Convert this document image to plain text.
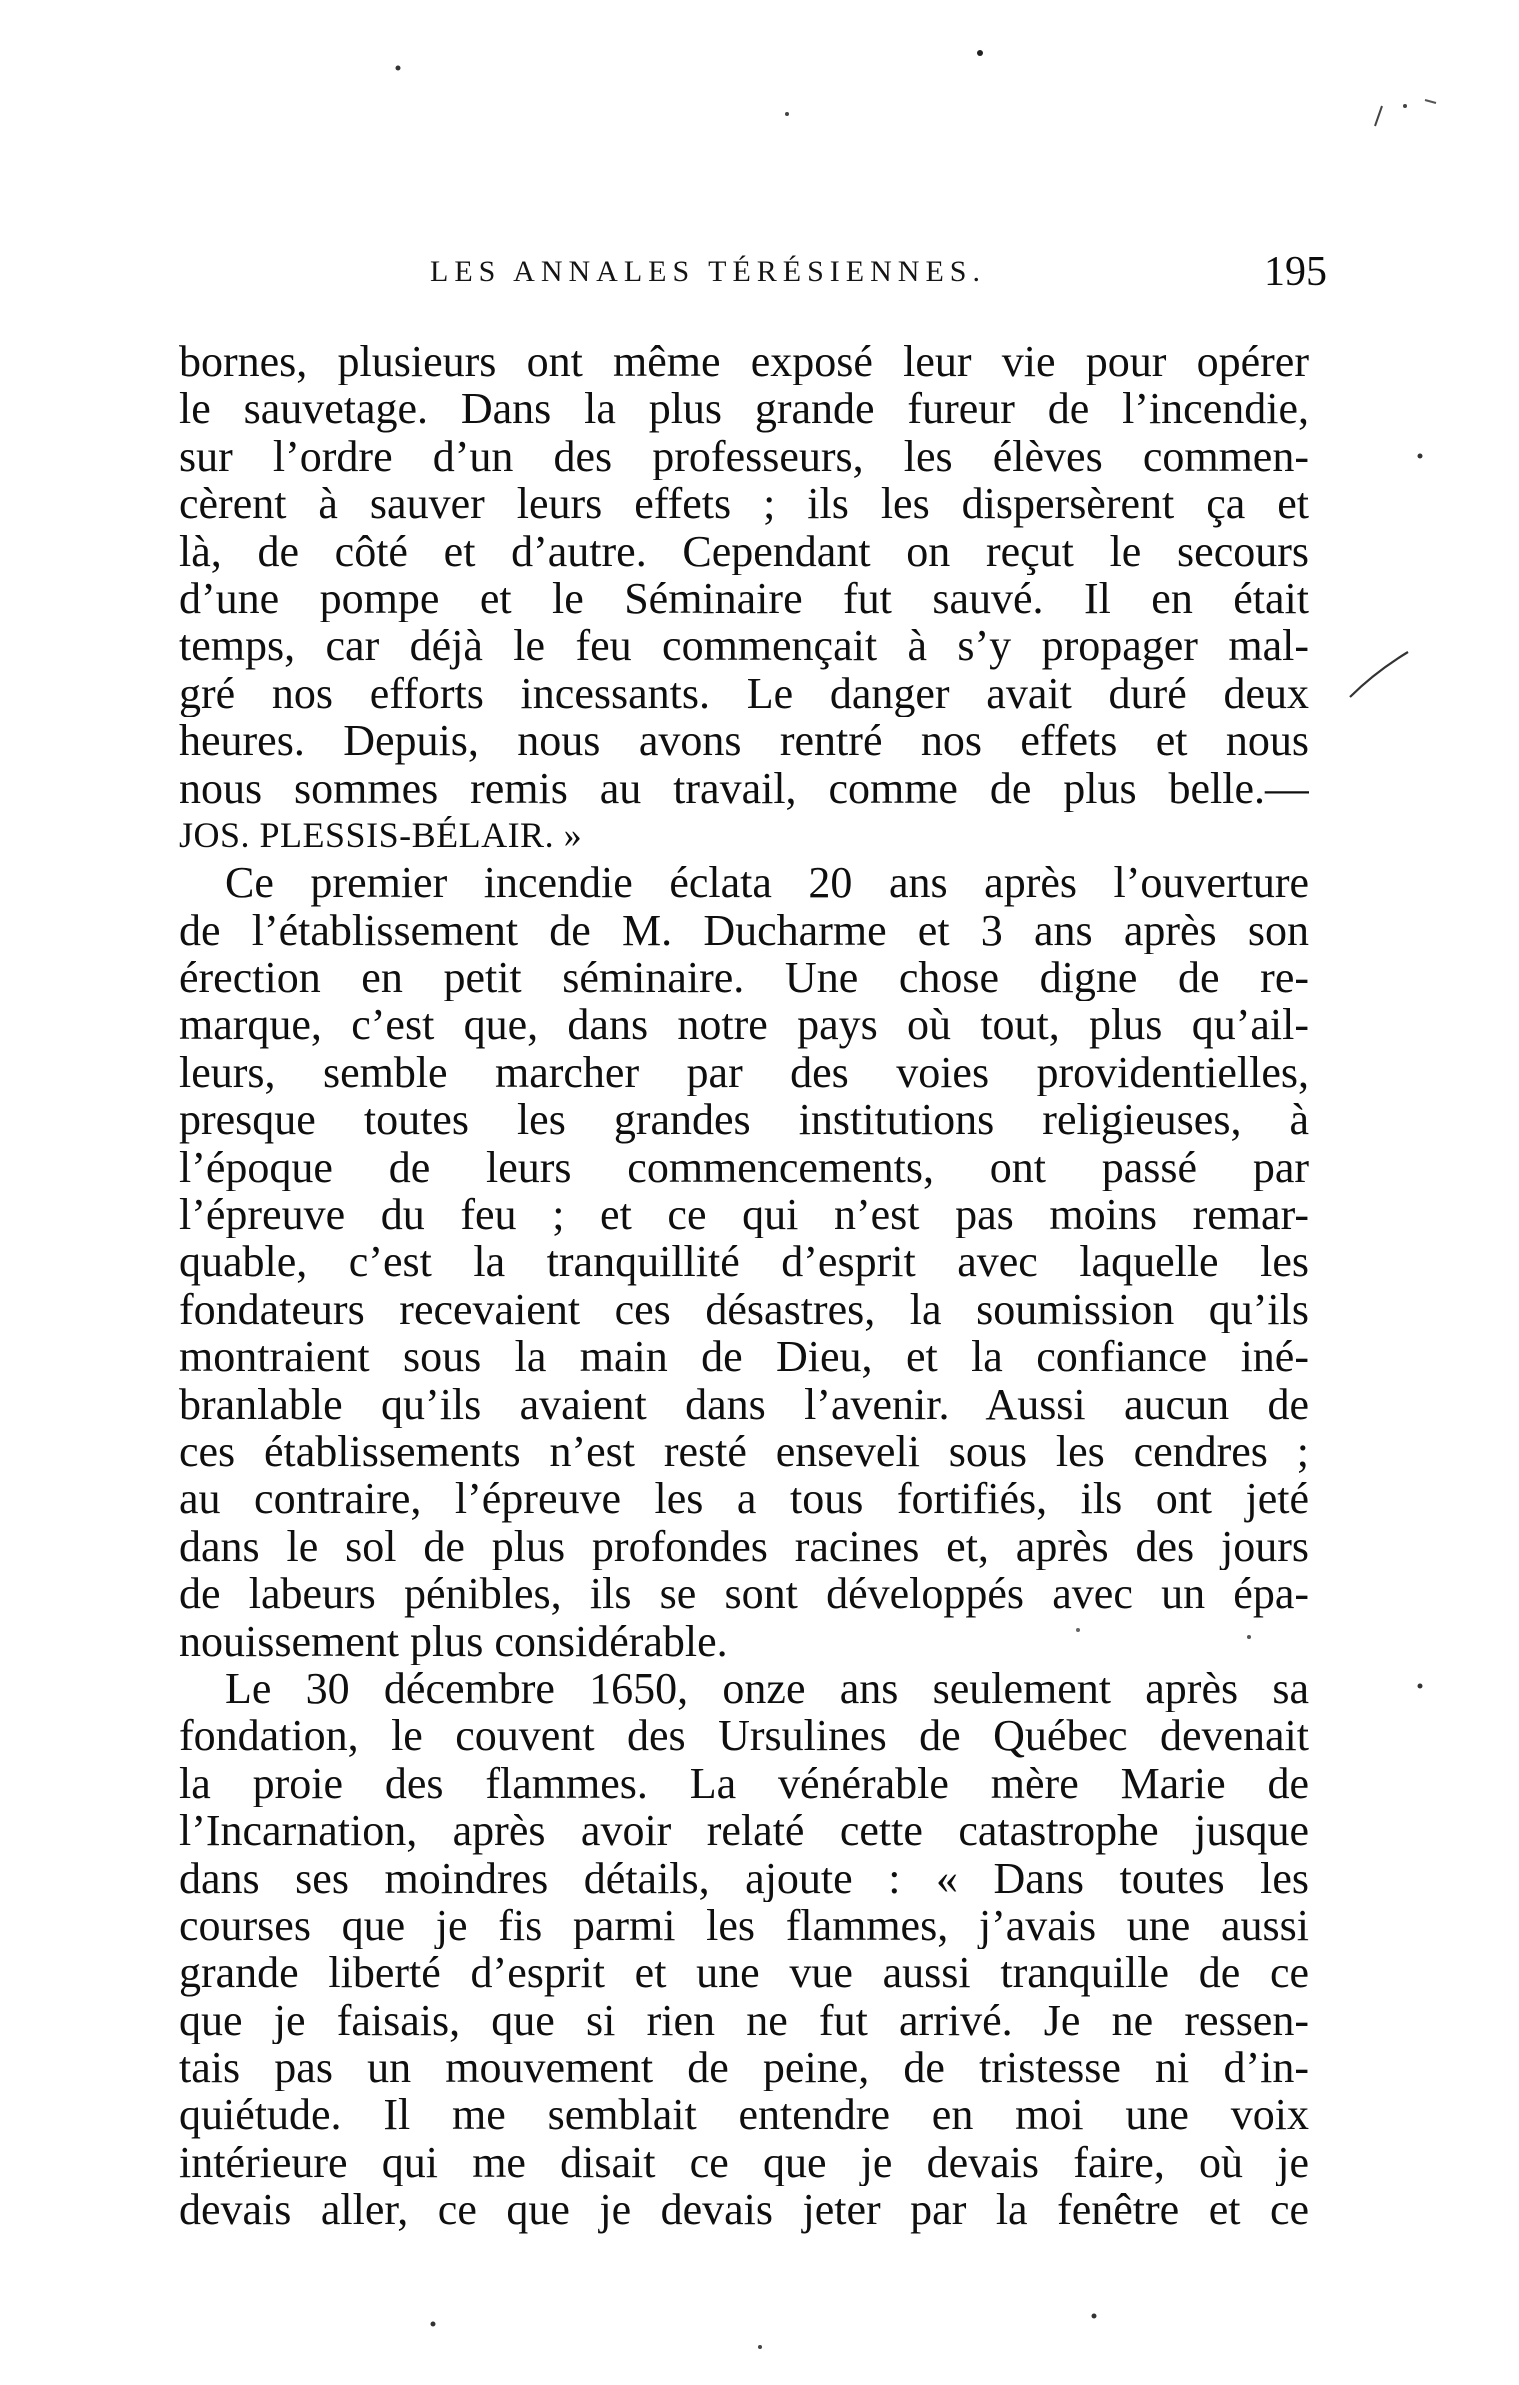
LES ANNALES TÉRÉSIENNES.	195
bornes, plusieurs ont même exposé leur vie pour opérer
le sauvetage. Dans la plus grande fureur de l’incendie,
sur l’ordre d’un des professeurs, les élèves commen-
cèrent à sauver leurs effets ; ils les dispersèrent ça et
là, de côté et d’autre. Cependant on reçut le secours
d’une pompe et le Séminaire fut sauvé. Il en était
temps, car déjà le feu commençait à s’y propager mal-
gré nos efforts incessants. Le danger avait duré deux
heures. Depuis, nous avons rentré nos effets et nous
nous sommes remis au travail, comme de plus belle.—
JOS. PLESSIS-BÉLAIR. »
Ce premier incendie éclata 20 ans après l’ouverture
de l’établissement de M. Ducharme et 3 ans après son
érection en petit séminaire. Une chose digne de re-
marque, c’est que, dans notre pays où tout, plus qu’ail-
leurs, semble marcher par des voies providentielles,
presque toutes les grandes institutions religieuses, à
l’époque de leurs commencements, ont passé par
l’épreuve du feu ; et ce qui n’est pas moins remar-
quable, c’est la tranquillité d’esprit avec laquelle les
fondateurs recevaient ces désastres, la soumission qu’ils
montraient sous la main de Dieu, et la confiance iné-
branlable qu’ils avaient dans l’avenir. Aussi aucun de
ces établissements n’est resté enseveli sous les cendres ;
au contraire, l’épreuve les a tous fortifiés, ils ont jeté
dans le sol de plus profondes racines et, après des jours
de labeurs pénibles, ils se sont développés avec un épa-
nouissement plus considérable.
Le 30 décembre 1650, onze ans seulement après sa
fondation, le couvent des Ursulines de Québec devenait
la proie des flammes. La vénérable mère Marie de
l’Incarnation, après avoir relaté cette catastrophe jusque
dans ses moindres détails, ajoute : « Dans toutes les
courses que je fis parmi les flammes, j’avais une aussi
grande liberté d’esprit et une vue aussi tranquille de ce
que je faisais, que si rien ne fut arrivé. Je ne ressen-
tais pas un mouvement de peine, de tristesse ni d’in-
quiétude. Il me semblait entendre en moi une voix
intérieure qui me disait ce que je devais faire, où je
devais aller, ce que je devais jeter par la fenêtre et ce
